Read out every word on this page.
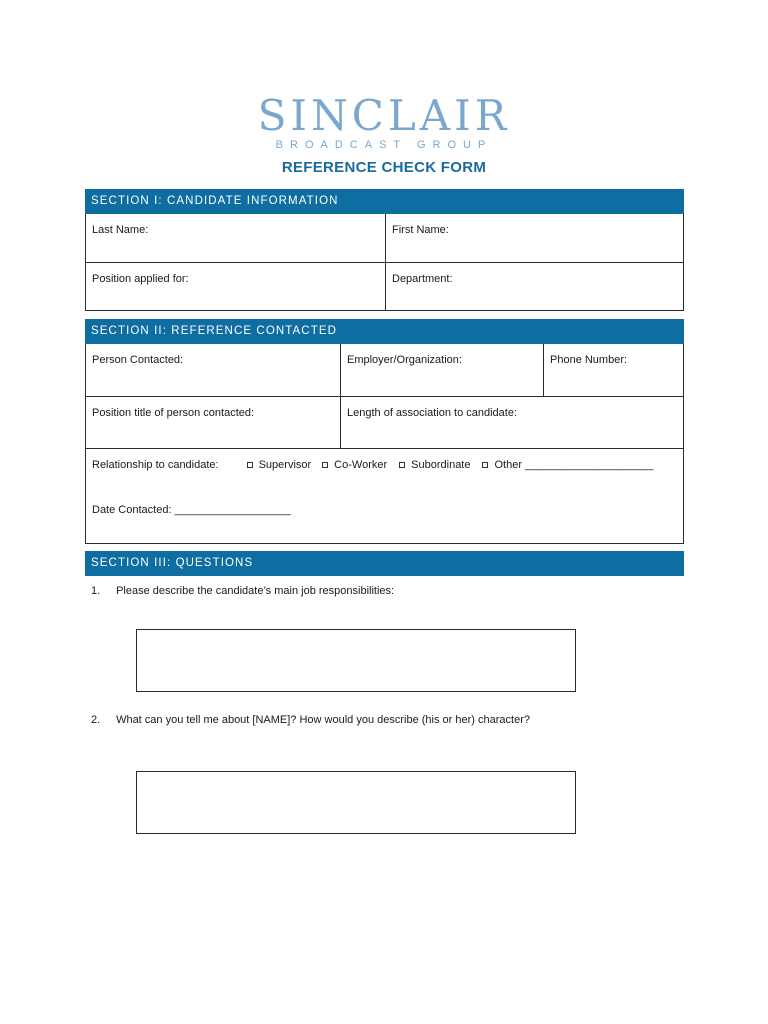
SINCLAIR
BROADCAST GROUP
REFERENCE CHECK FORM
SECTION I: CANDIDATE INFORMATION
Last Name:	First Name:
Position applied for:	Department:
SECTION II: REFERENCE CONTACTED
Person Contacted:	Employer/Organization:	Phone Number:
Position title of person contacted:	Length of association to candidate:
Relationship to candidate:	Supervisor Co-Worker Subordinate Other _____________________
Date Contacted: ___________________
SECTION III: QUESTIONS
1. Please describe the candidate’s main job responsibilities:
2. What can you tell me about [NAME]? How would you describe (his or her) character?
